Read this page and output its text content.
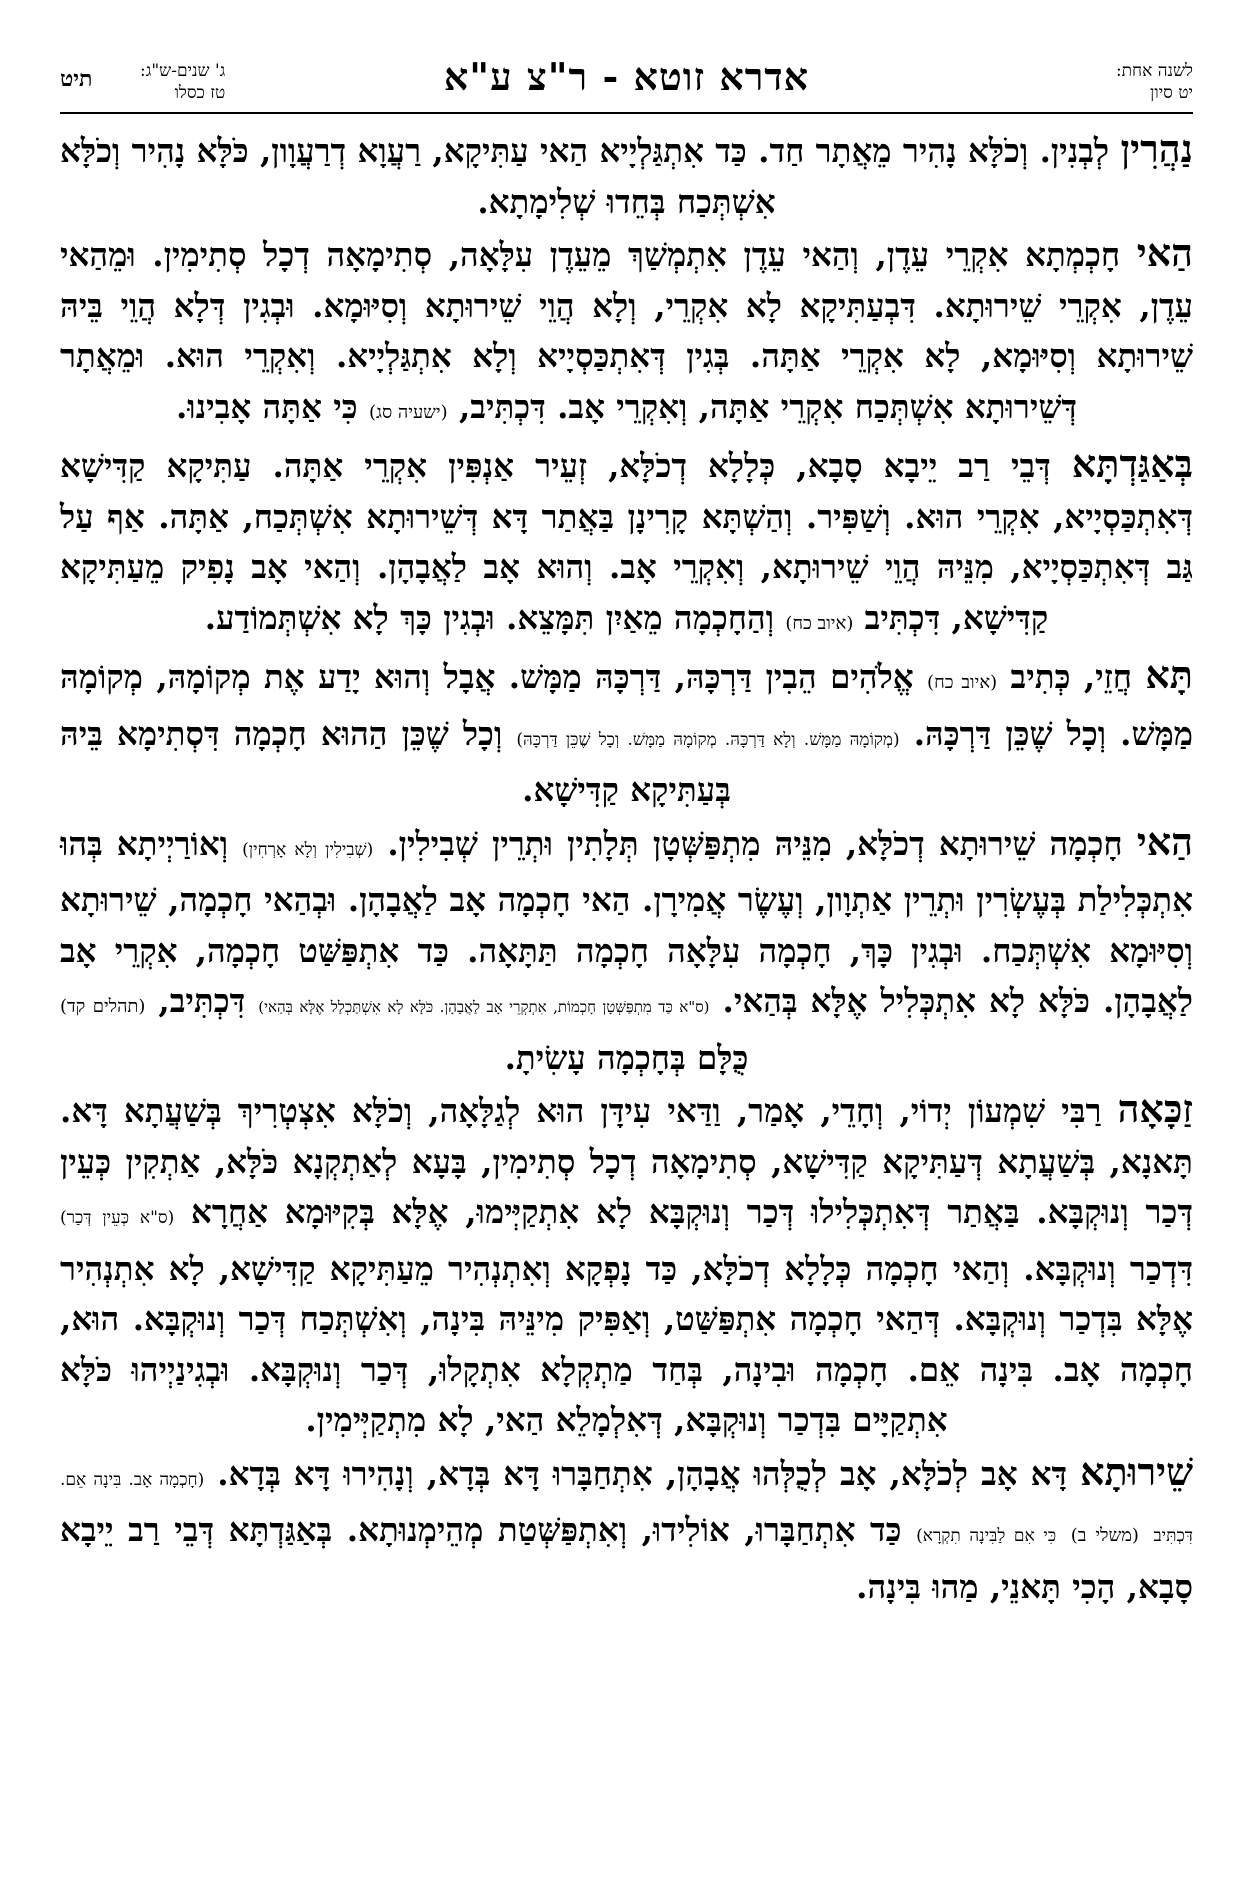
לשנה אחת:
יט סיון
אדרא זוטא - ר"צ ע"א
ג' שנים-ש"ג:
טז כסלו
תיט

נַהֲרִין לְבְנִין. וְכֹלָּא נָהִיר מֵאֲתָר חַד. כַּד אִתְגַּלְיָיא הַאי עַתִּיקָא, רַעֲוָא דְרַעֲוָון, כֹּלָּא נָהִיר וְכֹלָּא אִשְׁתְּכַח בְּחֵדוּ שְׁלִימָתָא.

הַאי חָכְמְתָא אִקְרֵי עֵדֶן, וְהַאי עֵדֶן אִתְמְשַׁךְ מֵעֵדֶן עִלָּאָה, סְתִימָאָה דְכָל סְתִימִין. וּמֵהַאי עֵדֶן, אִקְרֵי שֵׁירוּתָא. דִּבְעַתִּיקָא לָא אִקְרֵי, וְלָא הֲוֵי שֵׁירוּתָא וְסִיּוּמָא. וּבְגִין דְּלָא הֲוֵי בֵּיהּ שֵׁירוּתָא וְסִיּוּמָא, לָא אִקְרֵי אַתָּה. בְּגִין דְּאִתְכַּסְיָיא וְלָא אִתְגַּלְיָיא. וְאִקְרֵי הוּא. וּמֵאֲתָר דְּשֵׁירוּתָא אִשְׁתְּכַח אִקְרֵי אַתָּה, וְאִקְרֵי אָב. דִּכְתִּיב, (ישעיה סג) כִּי אַתָּה אָבִינוּ.

בְּאַגַּדְתָּא דְּבֵי רַב יֵיבָא סָבָא, כְּלָלָא דְכֹלָּא, זְעֵיר אַנְפִּין אִקְרֵי אַתָּה. עַתִּיקָא קַדִּישָׁא דְּאִתְכַּסְיָיא, אִקְרֵי הוּא. וְשַׁפִּיר. וְהַשְׁתָּא קָרִינָן בַּאֲתַר דָּא דְּשֵׁירוּתָא אִשְׁתְּכַח, אַתָּה. אַף עַל גַּב דְּאִתְכַּסְיָיא, מִנֵּיהּ הֲוֵי שֵׁירוּתָא, וְאִקְרֵי אָב. וְהוּא אָב לַאֲבָהָן. וְהַאי אָב נָפִיק מֵעַתִּיקָא קַדִּישָׁא, דִּכְתִּיב (איוב כח) וְהַחָכְמָה מֵאַיִן תִּמָּצֵא. וּבְגִין כָּךְ לָא אִשְׁתְּמוֹדַע.

תָּא חֲזֵי, כְּתִיב (איוב כח) אֱלֹהִים הֵבִין דַּרְכָּהּ, דַּרְכָּהּ מַמָּשׁ. אֲבָל וְהוּא יָדַע אֶת מְקוֹמָהּ, מְקוֹמָהּ מַמָּשׁ. וְכָל שֶׁכֵּן דַּרְכָּהּ. (מְקוֹמָהּ מַמָּשׁ. וְלָא דַּרְכָּהּ. מְקוֹמָהּ מַמָּשׁ. וְכָל שֶׁכֵּן דַּרְכָּהּ) וְכָל שֶׁכֵּן הַהוּא חָכְמָה דִּסְתִימָא בֵּיהּ בְּעַתִּיקָא קַדִּישָׁא.

הַאי חָכְמָה שֵׁירוּתָא דְכֹלָּא, מִנֵּיהּ מִתְפַּשְּׁטָן תְּלָתִין וּתְרֵין שְׁבִילִין. (שְׁבִילִין וְלָא אָרְחִין) וְאוֹרַיְיתָא בְּהוּ אִתְכְּלִילַת בְּעֶשְׂרִין וּתְרֵין אַתְוָון, וְעֶשֶׂר אֲמִירָן. הַאי חָכְמָה אָב לַאֲבָהָן. וּבְהַאי חָכְמָה, שֵׁירוּתָא וְסִיּוּמָא אִשְׁתְּכַח. וּבְגִין כָּךְ, חָכְמָה עִלָּאָה חָכְמָה תַּתָּאָה. כַּד אִתְפַּשַּׁט חָכְמָה, אִקְרֵי אָב לַאֲבָהָן. כֹּלָּא לָא אִתְכְּלִיל אֶלָּא בְּהַאי. (ס"א כַּד מִתְפַּשְּׁטָן חָכְמוֹת, אִתְקְרֵי אָב לַאֲבָהָן. כֹּלָּא לָא אִשְׁתַּכְלַל אֶלָּא בְּהַאי) דִּכְתִּיב, (תהלים קד) כֻּלָּם בְּחָכְמָה עָשִׂיתָ.

זַכָּאָה רַבִּי שִׁמְעוֹן יְדוֹי, וְחָדֵי, אָמַר, וַדַּאי עִידָּן הוּא לְגַלָּאָה, וְכֹלָּא אִצְטְרִיךְ בְּשַׁעֲתָא דָּא. תָּאנָא, בְּשַׁעֲתָא דְּעַתִּיקָא קַדִּישָׁא, סְתִימָאָה דְכָל סְתִימִין, בָּעָא לְאַתְקְנָא כֹּלָּא, אַתְקִין כְּעֵין דְּכַר וְנוּקְבָּא. בַּאֲתַר דְּאִתְכְּלִילוּ דְּכַר וְנוּקְבָּא לָא אִתְקַיְּימוּ, אֶלָּא בְּקִיּוּמָא אַחֲרָא (ס"א כְּעֵין דְּכַר) דִּדְכַר וְנוּקְבָּא. וְהַאי חָכְמָה כְּלָלָא דְכֹלָּא, כַּד נָפְקָא וְאִתְנְהִיר מֵעַתִּיקָא קַדִּישָׁא, לָא אִתְנְהִיר אֶלָּא בִּדְכַר וְנוּקְבָּא. דְּהַאי חָכְמָה אִתְפַּשַּׁט, וְאַפִּיק מִינֵּיהּ בִּינָה, וְאִשְׁתְּכַח דְּכַר וְנוּקְבָּא. הוּא, חָכְמָה אָב. בִּינָה אֵם. חָכְמָה וּבִינָה, בְּחַד מַתְקְלָא אִתְקָלוּ, דְּכַר וְנוּקְבָּא. וּבְגִינַיְיהוּ כֹּלָּא אִתְקַיָּים בִּדְכַר וְנוּקְבָּא, דְּאִלְמָלֵא הַאי, לָא מִתְקַיְּימִין.

שֵׁירוּתָא דָּא אָב לְכֹלָּא, אָב לְכֻלְּהוּ אֲבָהָן, אִתְחַבָּרוּ דָּא בְּדָא, וְנָהִירוּ דָּא בְּדָא. (חָכְמָה אָב. בִּינָה אֵם. דִּכְתִּיב (משלי ב) כִּי אִם לַבִּינָה תִקְרָא) כַּד אִתְחַבָּרוּ, אוֹלִידוּ, וְאִתְפַּשְּׁטַת מְהֵימְנוּתָא. בְּאַגַּדְתָּא דְּבֵי רַב יֵיבָא סָבָא, הָכִי תָּאנֵי, מַהוּ בִּינָה.
